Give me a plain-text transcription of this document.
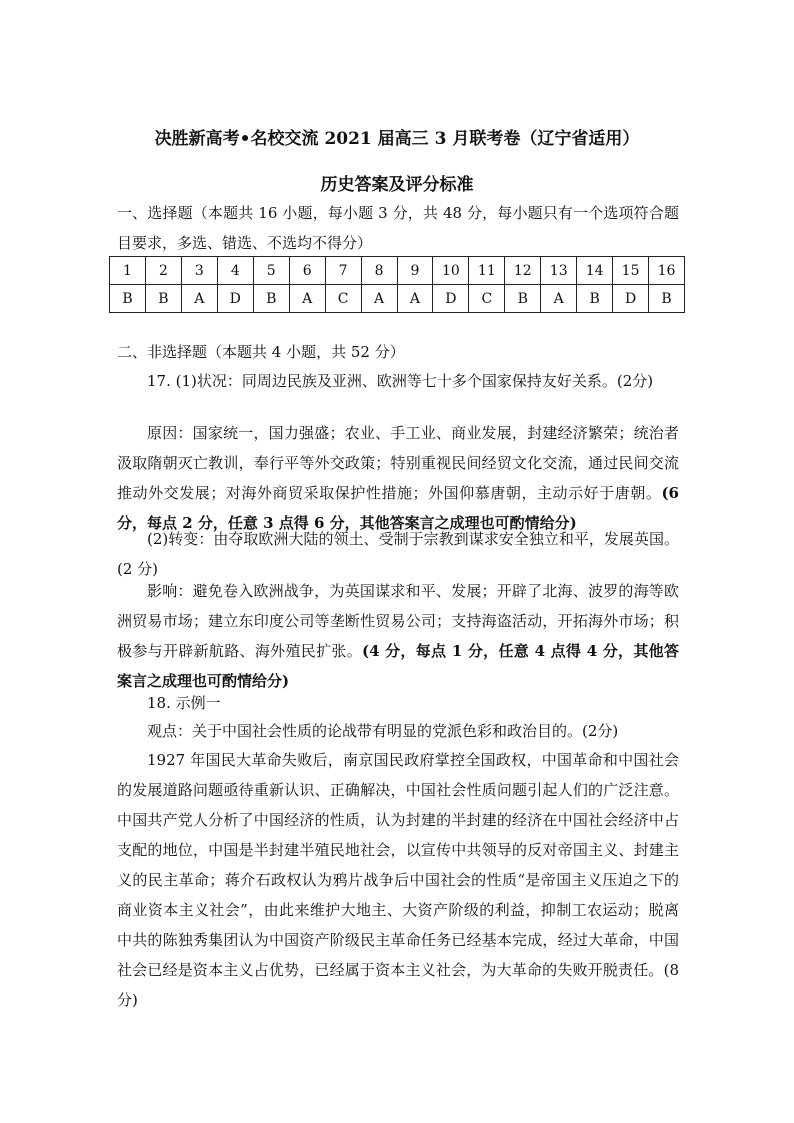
决胜新高考•名校交流 2021 届高三 3 月联考卷（辽宁省适用）
历史答案及评分标准
一、选择题（本题共 16 小题，每小题 3 分，共 48 分，每小题只有一个选项符合题目要求，多选、错选、不选均不得分）
1	2	3	4	5	6	7	8	9	10	11	12	13	14	15	16
B	B	A	D	B	A	C	A	A	D	C	B	A	B	D	B
二、非选择题（本题共 4 小题，共 52 分）
17. (1)状况：同周边民族及亚洲、欧洲等七十多个国家保持友好关系。(2分)
原因：国家统一，国力强盛；农业、手工业、商业发展，封建经济繁荣；统治者汲取隋朝灭亡教训，奉行平等外交政策；特别重视民间经贸文化交流，通过民间交流推动外交发展；对海外商贸采取保护性措施；外国仰慕唐朝，主动示好于唐朝。(6 分，每点 2 分，任意 3 点得 6 分，其他答案言之成理也可酌情给分)
(2)转变：由夺取欧洲大陆的领土、受制于宗教到谋求安全独立和平，发展英国。(2 分)
影响：避免卷入欧洲战争，为英国谋求和平、发展；开辟了北海、波罗的海等欧洲贸易市场；建立东印度公司等垄断性贸易公司；支持海盗活动，开拓海外市场；积极参与开辟新航路、海外殖民扩张。(4 分，每点 1 分，任意 4 点得 4 分，其他答案言之成理也可酌情给分)
18. 示例一
观点：关于中国社会性质的论战带有明显的党派色彩和政治目的。(2分)
1927 年国民大革命失败后，南京国民政府掌控全国政权，中国革命和中国社会的发展道路问题亟待重新认识、正确解决，中国社会性质问题引起人们的广泛注意。中国共产党人分析了中国经济的性质，认为封建的半封建的经济在中国社会经济中占支配的地位，中国是半封建半殖民地社会，以宣传中共领导的反对帝国主义、封建主义的民主革命；蒋介石政权认为鸦片战争后中国社会的性质“是帝国主义压迫之下的商业资本主义社会”，由此来维护大地主、大资产阶级的利益，抑制工农运动；脱离中共的陈独秀集团认为中国资产阶级民主革命任务已经基本完成，经过大革命，中国社会已经是资本主义占优势，已经属于资本主义社会，为大革命的失败开脱责任。(8分)
